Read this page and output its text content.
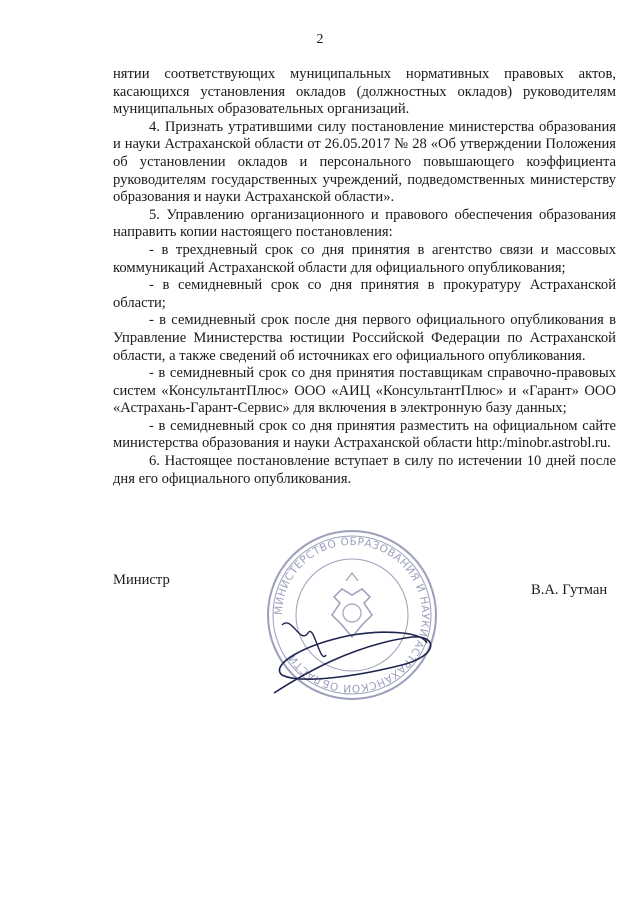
2

нятии соответствующих муниципальных нормативных правовых актов, касающихся установления окладов (должностных окладов) руководителям муниципальных образовательных организаций.

4. Признать утратившими силу постановление министерства образования и науки Астраханской области от 26.05.2017 № 28 «Об утверждении Положения об установлении окладов и персонального повышающего коэффициента руководителям государственных учреждений, подведомственных министерству образования и науки Астраханской области».

5. Управлению организационного и правового обеспечения образования направить копии настоящего постановления:

- в трехдневный срок со дня принятия в агентство связи и массовых коммуникаций Астраханской области для официального опубликования;

- в семидневный срок со дня принятия в прокуратуру Астраханской области;

- в семидневный срок после дня первого официального опубликования в Управление Министерства юстиции Российской Федерации по Астраханской области, а также сведений об источниках его официального опубликования.

- в семидневный срок со дня принятия поставщикам справочно-правовых систем «КонсультантПлюс» ООО «АИЦ «КонсультантПлюс» и «Гарант» ООО «Астрахань-Гарант-Сервис» для включения в электронную базу данных;

- в семидневный срок со дня принятия разместить на официальном сайте министерства образования и науки Астраханской области http:/minobr.astrobl.ru.

6. Настоящее постановление вступает в силу по истечении 10 дней после дня его официального опубликования.

МИНИСТЕРСТВО ОБРАЗОВАНИЯ И НАУКИ АСТРАХАНСКОЙ ОБЛАСТИ
Министр
В.А. Гутман
